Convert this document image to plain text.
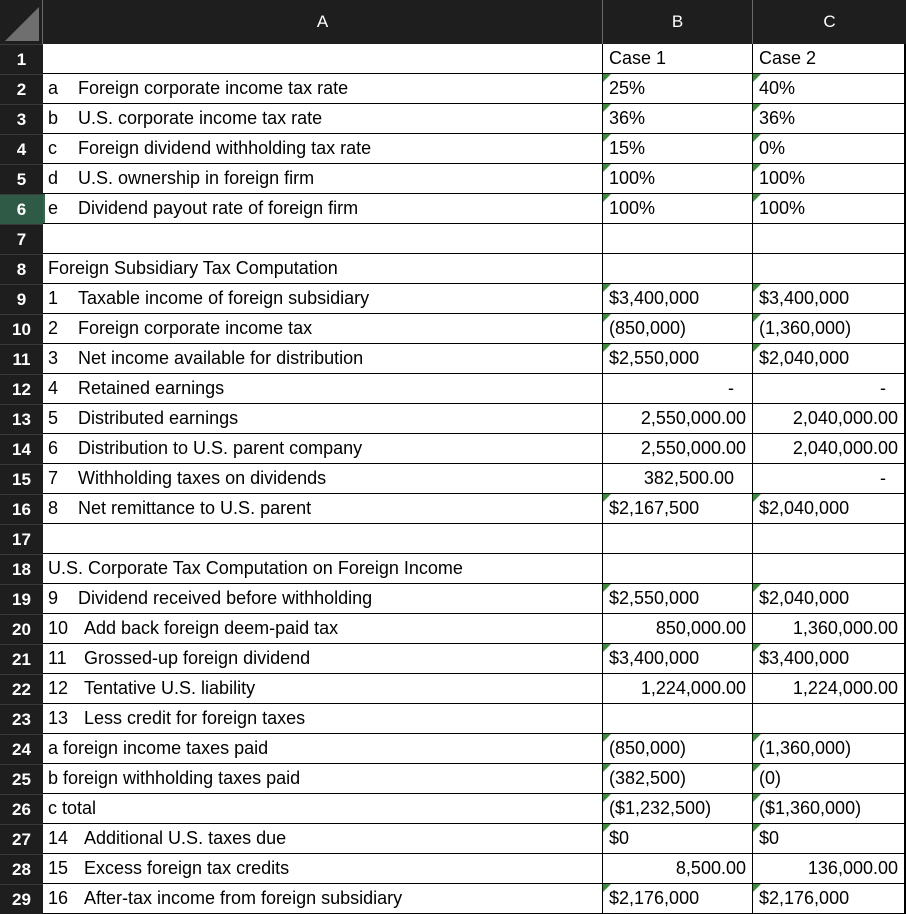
A	B	C
1	Case 1	Case 2
2	a	Foreign corporate income tax rate	25%	40%
3	b	U.S. corporate income tax rate	36%	36%
4	c	Foreign dividend withholding tax rate	15%	0%
5	d	U.S. ownership in foreign firm	100%	100%
6	e	Dividend payout rate of foreign firm	100%	100%
7
8	Foreign Subsidiary Tax Computation
9	1	Taxable income of foreign subsidiary	$3,400,000	$3,400,000
10 2	Foreign corporate income tax	(850,000)	(1,360,000)
11 3	Net income available for distribution	$2,550,000	$2,040,000
12 4	Retained earnings	-	-
13 5	Distributed earnings	2,550,000.00	2,040,000.00
14 6	Distribution to U.S. parent company	2,550,000.00	2,040,000.00
15 7	Withholding taxes on dividends	382,500.00	-
16 8	Net remittance to U.S. parent	$2,167,500	$2,040,000
17
18 U.S. Corporate Tax Computation on Foreign Income
19 9	Dividend received before withholding	$2,550,000	$2,040,000
20 10 Add back foreign deem-paid tax	850,000.00	1,360,000.00
21 11 Grossed-up foreign dividend	$3,400,000	$3,400,000
22 12 Tentative U.S. liability	1,224,000.00	1,224,000.00
23 13 Less credit for foreign taxes
24 a foreign income taxes paid	(850,000)	(1,360,000)
25 b foreign withholding taxes paid	(382,500)	(0)
26 c total	($1,232,500)	($1,360,000)
27 14 Additional U.S. taxes due	$0	$0
28 15 Excess foreign tax credits	8,500.00	136,000.00
29 16 After-tax income from foreign subsidiary	$2,176,000	$2,176,000
